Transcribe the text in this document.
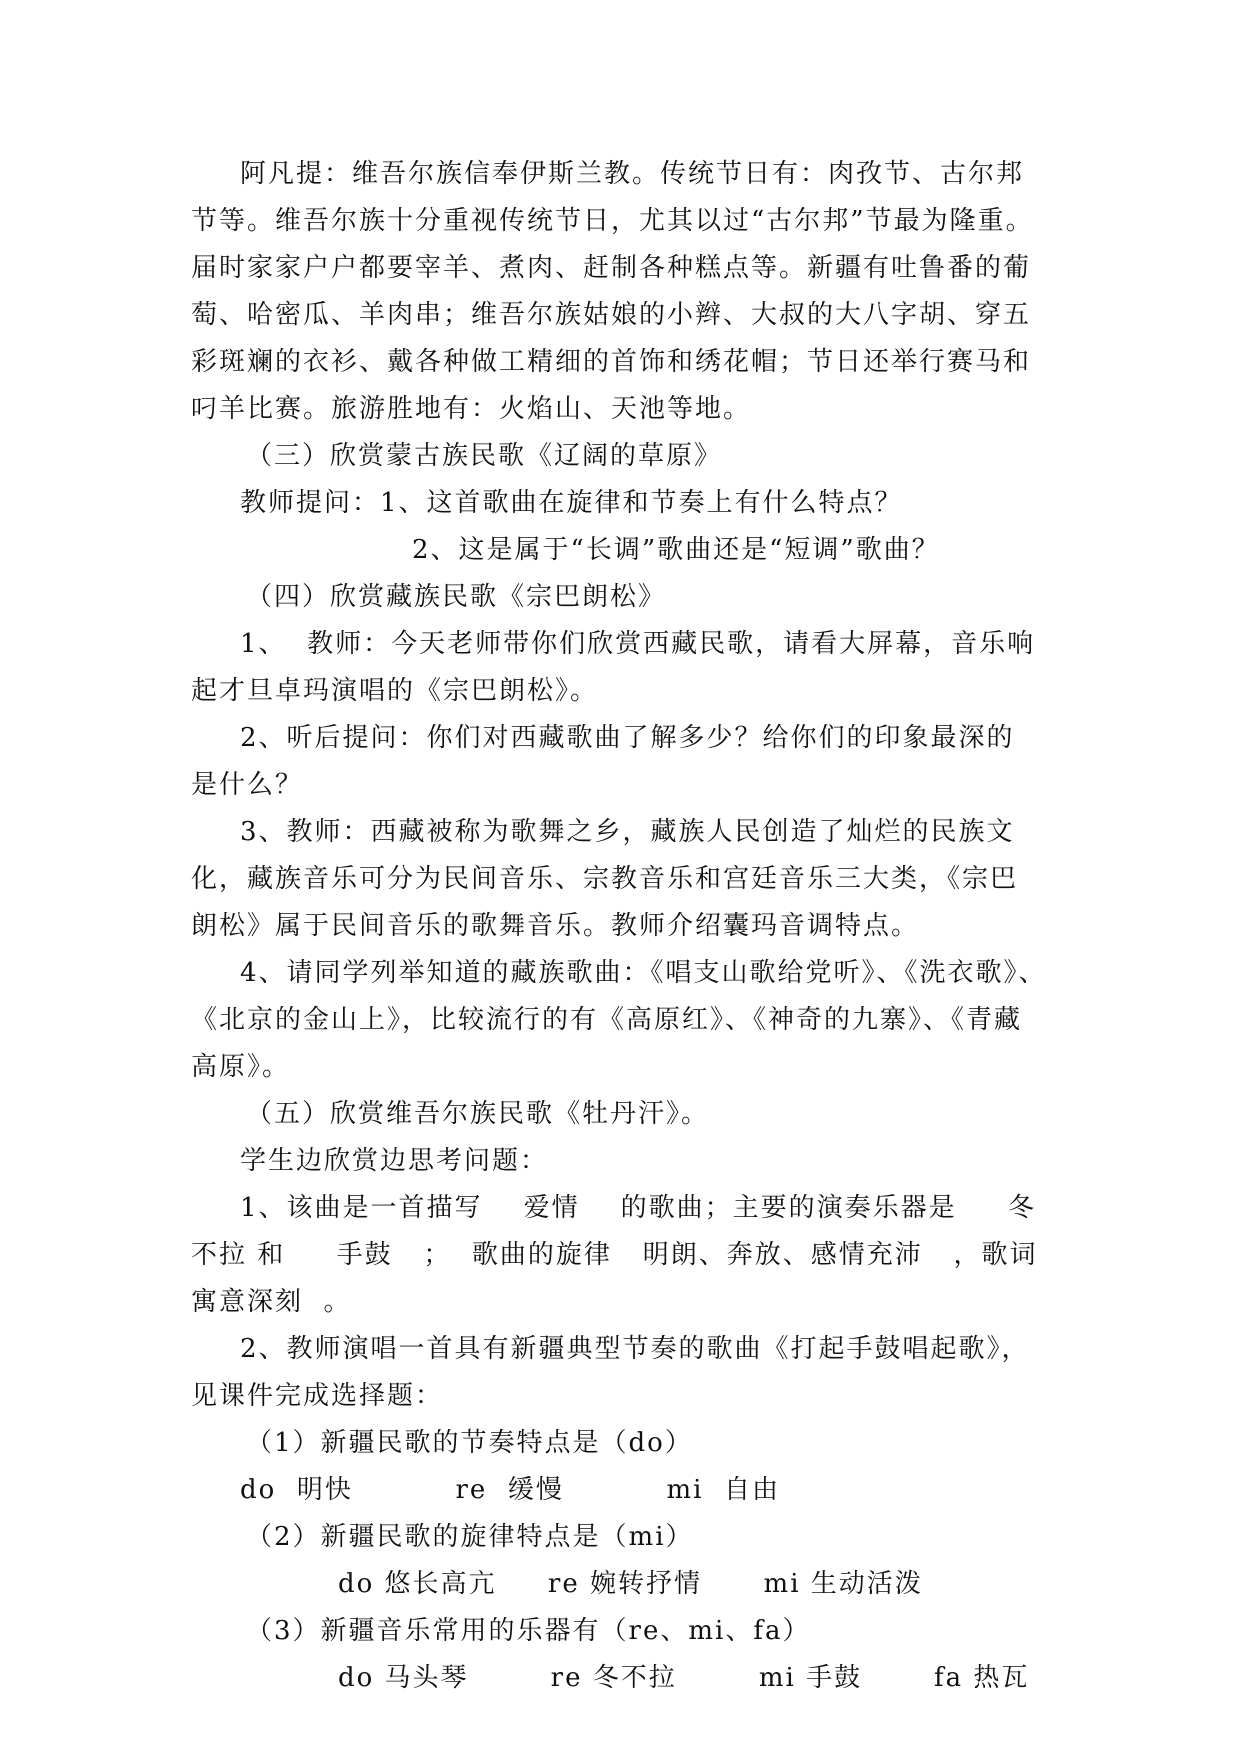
阿凡提：维吾尔族信奉伊斯兰教。传统节日有：肉孜节、古尔邦
节等。维吾尔族十分重视传统节日，尤其以过“古尔邦”节最为隆重。
届时家家户户都要宰羊、煮肉、赶制各种糕点等。新疆有吐鲁番的葡
萄、哈密瓜、羊肉串；维吾尔族姑娘的小辫、大叔的大八字胡、穿五
彩斑斓的衣衫、戴各种做工精细的首饰和绣花帽；节日还举行赛马和
叼羊比赛。旅游胜地有：火焰山、天池等地。
（三）欣赏蒙古族民歌《辽阔的草原》
教师提问：1、这首歌曲在旋律和节奏上有什么特点？
2、这是属于“长调”歌曲还是“短调”歌曲？
（四）欣赏藏族民歌《宗巴朗松》
1、  教师：今天老师带你们欣赏西藏民歌，请看大屏幕，音乐响
起才旦卓玛演唱的《宗巴朗松》。
2、听后提问：你们对西藏歌曲了解多少？给你们的印象最深的
是什么？
3、教师：西藏被称为歌舞之乡，藏族人民创造了灿烂的民族文
化，藏族音乐可分为民间音乐、宗教音乐和宫廷音乐三大类，《宗巴
朗松》属于民间音乐的歌舞音乐。教师介绍囊玛音调特点。
4、请同学列举知道的藏族歌曲：《唱支山歌给党听》、《洗衣歌》、
《北京的金山上》，比较流行的有《高原红》、《神奇的九寨》、《青藏
高原》。
（五）欣赏维吾尔族民歌《牡丹汗》。
学生边欣赏边思考问题：
1、该曲是一首描写    爱情    的歌曲；主要的演奏乐器是     冬
不拉 和     手鼓   ；  歌曲的旋律   明朗、奔放、感情充沛   ，歌词
寓意深刻  。
2、教师演唱一首具有新疆典型节奏的歌曲《打起手鼓唱起歌》，
见课件完成选择题：
（1）新疆民歌的节奏特点是（do）
do  明快          re  缓慢          mi  自由
（2）新疆民歌的旋律特点是（mi）
do 悠长高亢     re 婉转抒情      mi 生动活泼
（3）新疆音乐常用的乐器有（re、mi、fa）
do 马头琴        re 冬不拉        mi 手鼓       fa 热瓦
